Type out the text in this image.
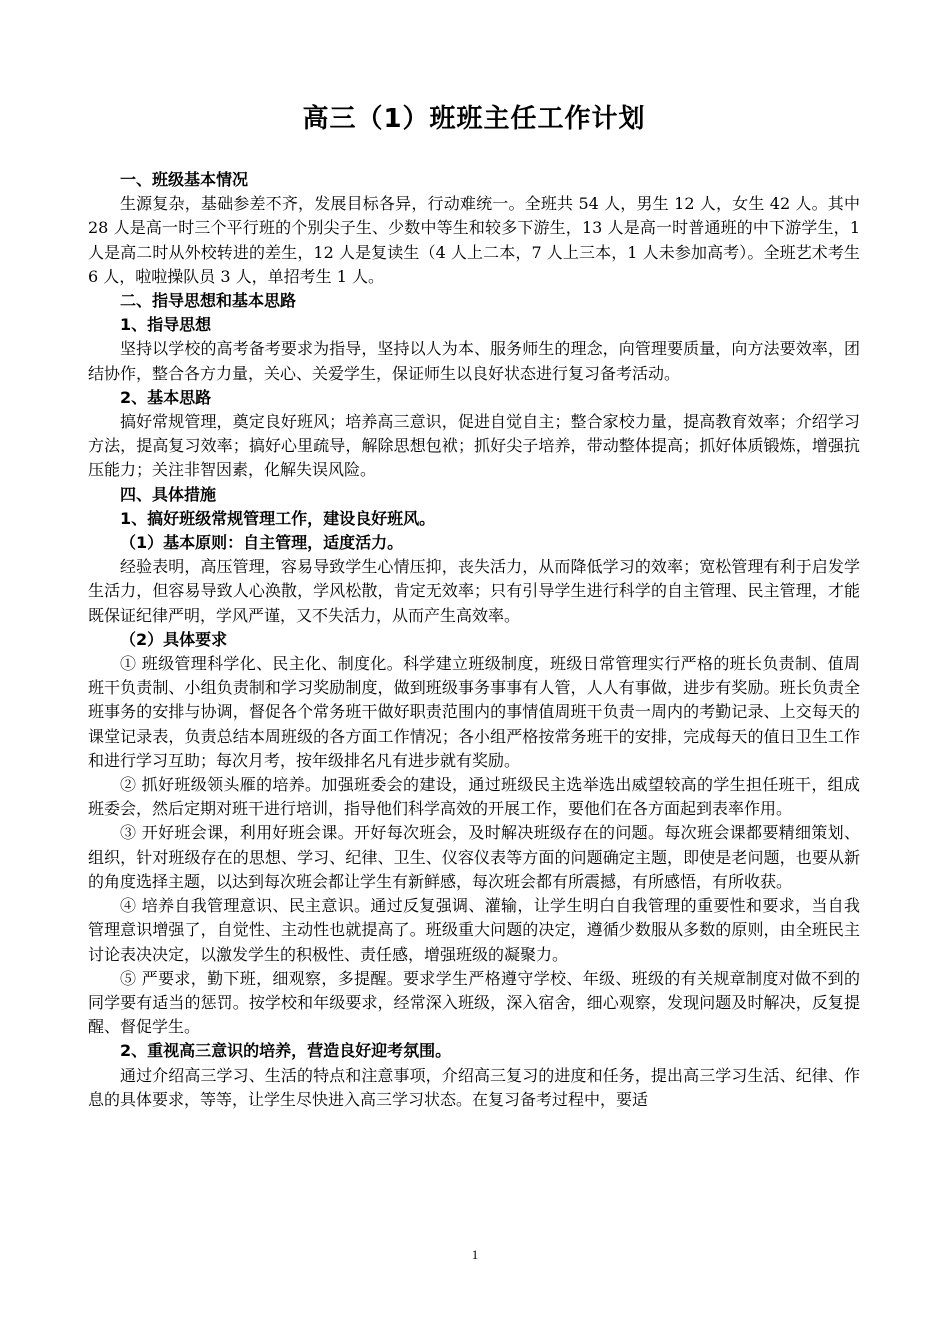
高三（1）班班主任工作计划

一、班级基本情况

生源复杂，基础参差不齐，发展目标各异，行动难统一。全班共 54 人，男生 12 人，女生 42 人。其中 28 人是高一时三个平行班的个别尖子生、少数中等生和较多下游生，13 人是高一时普通班的中下游学生，1 人是高二时从外校转进的差生，12 人是复读生（4 人上二本，7 人上三本，1 人未参加高考）。全班艺术考生 6 人，啦啦操队员 3 人，单招考生 1 人。

二、指导思想和基本思路

1、指导思想

坚持以学校的高考备考要求为指导，坚持以人为本、服务师生的理念，向管理要质量，向方法要效率，团结协作，整合各方力量，关心、关爱学生，保证师生以良好状态进行复习备考活动。

2、基本思路

搞好常规管理，奠定良好班风；培养高三意识，促进自觉自主；整合家校力量，提高教育效率；介绍学习方法，提高复习效率；搞好心里疏导，解除思想包袱；抓好尖子培养，带动整体提高；抓好体质锻炼，增强抗压能力；关注非智因素，化解失误风险。

四、具体措施

1、搞好班级常规管理工作，建设良好班风。

（1）基本原则：自主管理，适度活力。

经验表明，高压管理，容易导致学生心情压抑，丧失活力，从而降低学习的效率；宽松管理有利于启发学生活力，但容易导致人心涣散，学风松散，肯定无效率；只有引导学生进行科学的自主管理、民主管理，才能既保证纪律严明，学风严谨，又不失活力，从而产生高效率。

（2）具体要求

① 班级管理科学化、民主化、制度化。科学建立班级制度，班级日常管理实行严格的班长负责制、值周班干负责制、小组负责制和学习奖励制度，做到班级事务事事有人管，人人有事做，进步有奖励。班长负责全班事务的安排与协调，督促各个常务班干做好职责范围内的事情值周班干负责一周内的考勤记录、上交每天的课堂记录表，负责总结本周班级的各方面工作情况；各小组严格按常务班干的安排，完成每天的值日卫生工作和进行学习互助；每次月考，按年级排名凡有进步就有奖励。

② 抓好班级领头雁的培养。加强班委会的建设，通过班级民主选举选出威望较高的学生担任班干，组成班委会，然后定期对班干进行培训，指导他们科学高效的开展工作，要他们在各方面起到表率作用。

③ 开好班会课，利用好班会课。开好每次班会，及时解决班级存在的问题。每次班会课都要精细策划、组织，针对班级存在的思想、学习、纪律、卫生、仪容仪表等方面的问题确定主题，即使是老问题，也要从新的角度选择主题，以达到每次班会都让学生有新鲜感，每次班会都有所震撼，有所感悟，有所收获。

④ 培养自我管理意识、民主意识。通过反复强调、灌输，让学生明白自我管理的重要性和要求，当自我管理意识增强了，自觉性、主动性也就提高了。班级重大问题的决定，遵循少数服从多数的原则，由全班民主讨论表决决定，以激发学生的积极性、责任感，增强班级的凝聚力。

⑤ 严要求，勤下班，细观察，多提醒。要求学生严格遵守学校、年级、班级的有关规章制度对做不到的同学要有适当的惩罚。按学校和年级要求，经常深入班级，深入宿舍，细心观察，发现问题及时解决，反复提醒、督促学生。

2、重视高三意识的培养，营造良好迎考氛围。

通过介绍高三学习、生活的特点和注意事项，介绍高三复习的进度和任务，提出高三学习生活、纪律、作息的具体要求，等等，让学生尽快进入高三学习状态。在复习备考过程中，要适

1
